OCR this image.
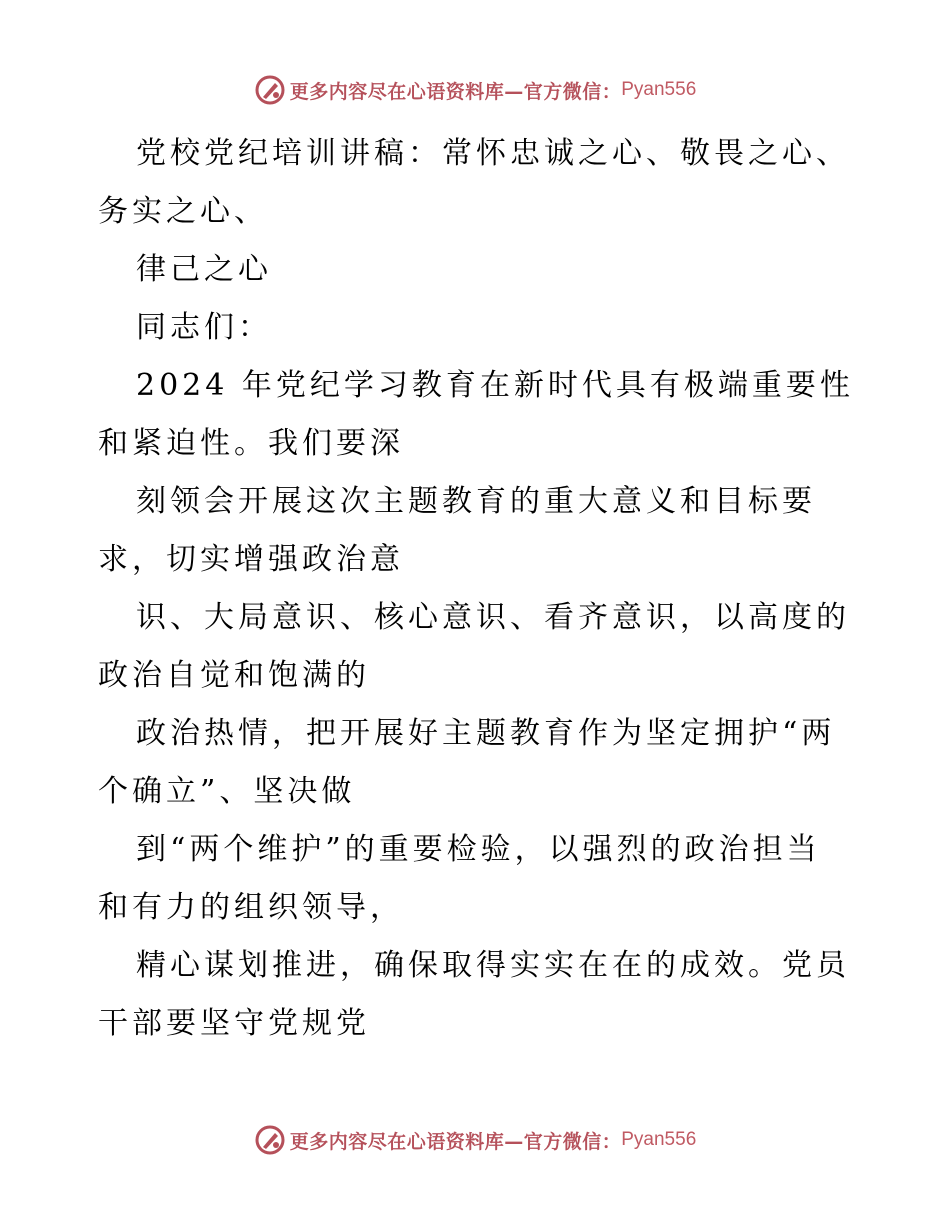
更多内容尽在心语资料库—官方微信： Pyan556

党校党纪培训讲稿：常怀忠诚之心、敬畏之心、
务实之心、
律己之心
同志们：
2024 年党纪学习教育在新时代具有极端重要性
和紧迫性。我们要深
刻领会开展这次主题教育的重大意义和目标要
求，切实增强政治意
识、大局意识、核心意识、看齐意识，以高度的
政治自觉和饱满的
政治热情，把开展好主题教育作为坚定拥护“两
个确立”、坚决做
到“两个维护”的重要检验，以强烈的政治担当
和有力的组织领导，
精心谋划推进，确保取得实实在在的成效。党员
干部要坚守党规党

更多内容尽在心语资料库—官方微信： Pyan556
